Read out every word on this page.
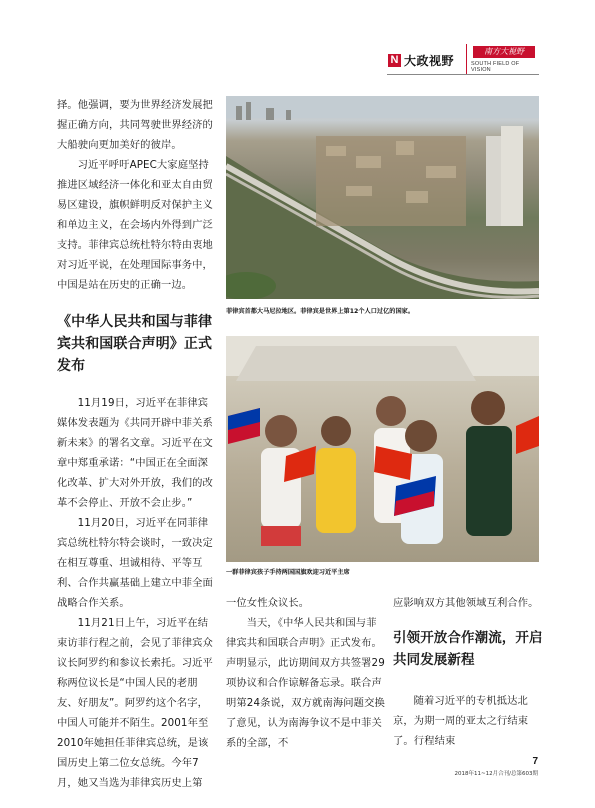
N 大政视野
南方大視野
SOUTH FIELD OF VISION

择。他强调，要为世界经济发展把握正确方向，共同驾驶世界经济的大船驶向更加美好的彼岸。

习近平呼吁APEC大家庭坚持推进区域经济一体化和亚太自由贸易区建设，旗帜鲜明反对保护主义和单边主义，在会场内外得到广泛支持。菲律宾总统杜特尔特由衷地对习近平说，在处理国际事务中，中国是站在历史的正确一边。

《中华人民共和国与菲律宾共和国联合声明》正式发布

11月19日，习近平在菲律宾媒体发表题为《共同开辟中菲关系新未来》的署名文章。习近平在文章中郑重承诺：“中国正在全面深化改革、扩大对外开放，我们的改革不会停止、开放不会止步。”

11月20日，习近平在同菲律宾总统杜特尔特会谈时，一致决定在相互尊重、坦诚相待、平等互利、合作共赢基础上建立中菲全面战略合作关系。

11月21日上午，习近平在结束访菲行程之前，会见了菲律宾众议长阿罗约和参议长索托。习近平称两位议长是“中国人民的老朋友、好朋友”。阿罗约这个名字，中国人可能并不陌生。2001年至2010年她担任菲律宾总统，是该国历史上第二位女总统。今年7月，她又当选为菲律宾历史上第

菲律宾首都大马尼拉地区。菲律宾是世界上第12个人口过亿的国家。
一群菲律宾孩子手持两国国旗欢迎习近平主席

一位女性众议长。

当天，《中华人民共和国与菲律宾共和国联合声明》正式发布。声明显示，此访期间双方共签署29项协议和合作谅解备忘录。联合声明第24条说，双方就南海问题交换了意见，认为南海争议不是中菲关系的全部，不

应影响双方其他领域互利合作。

引领开放合作潮流，开启共同发展新程

随着习近平的专机抵达北京，为期一周的亚太之行结束了。行程结束

7
2018年11~12月合刊/总第603期
